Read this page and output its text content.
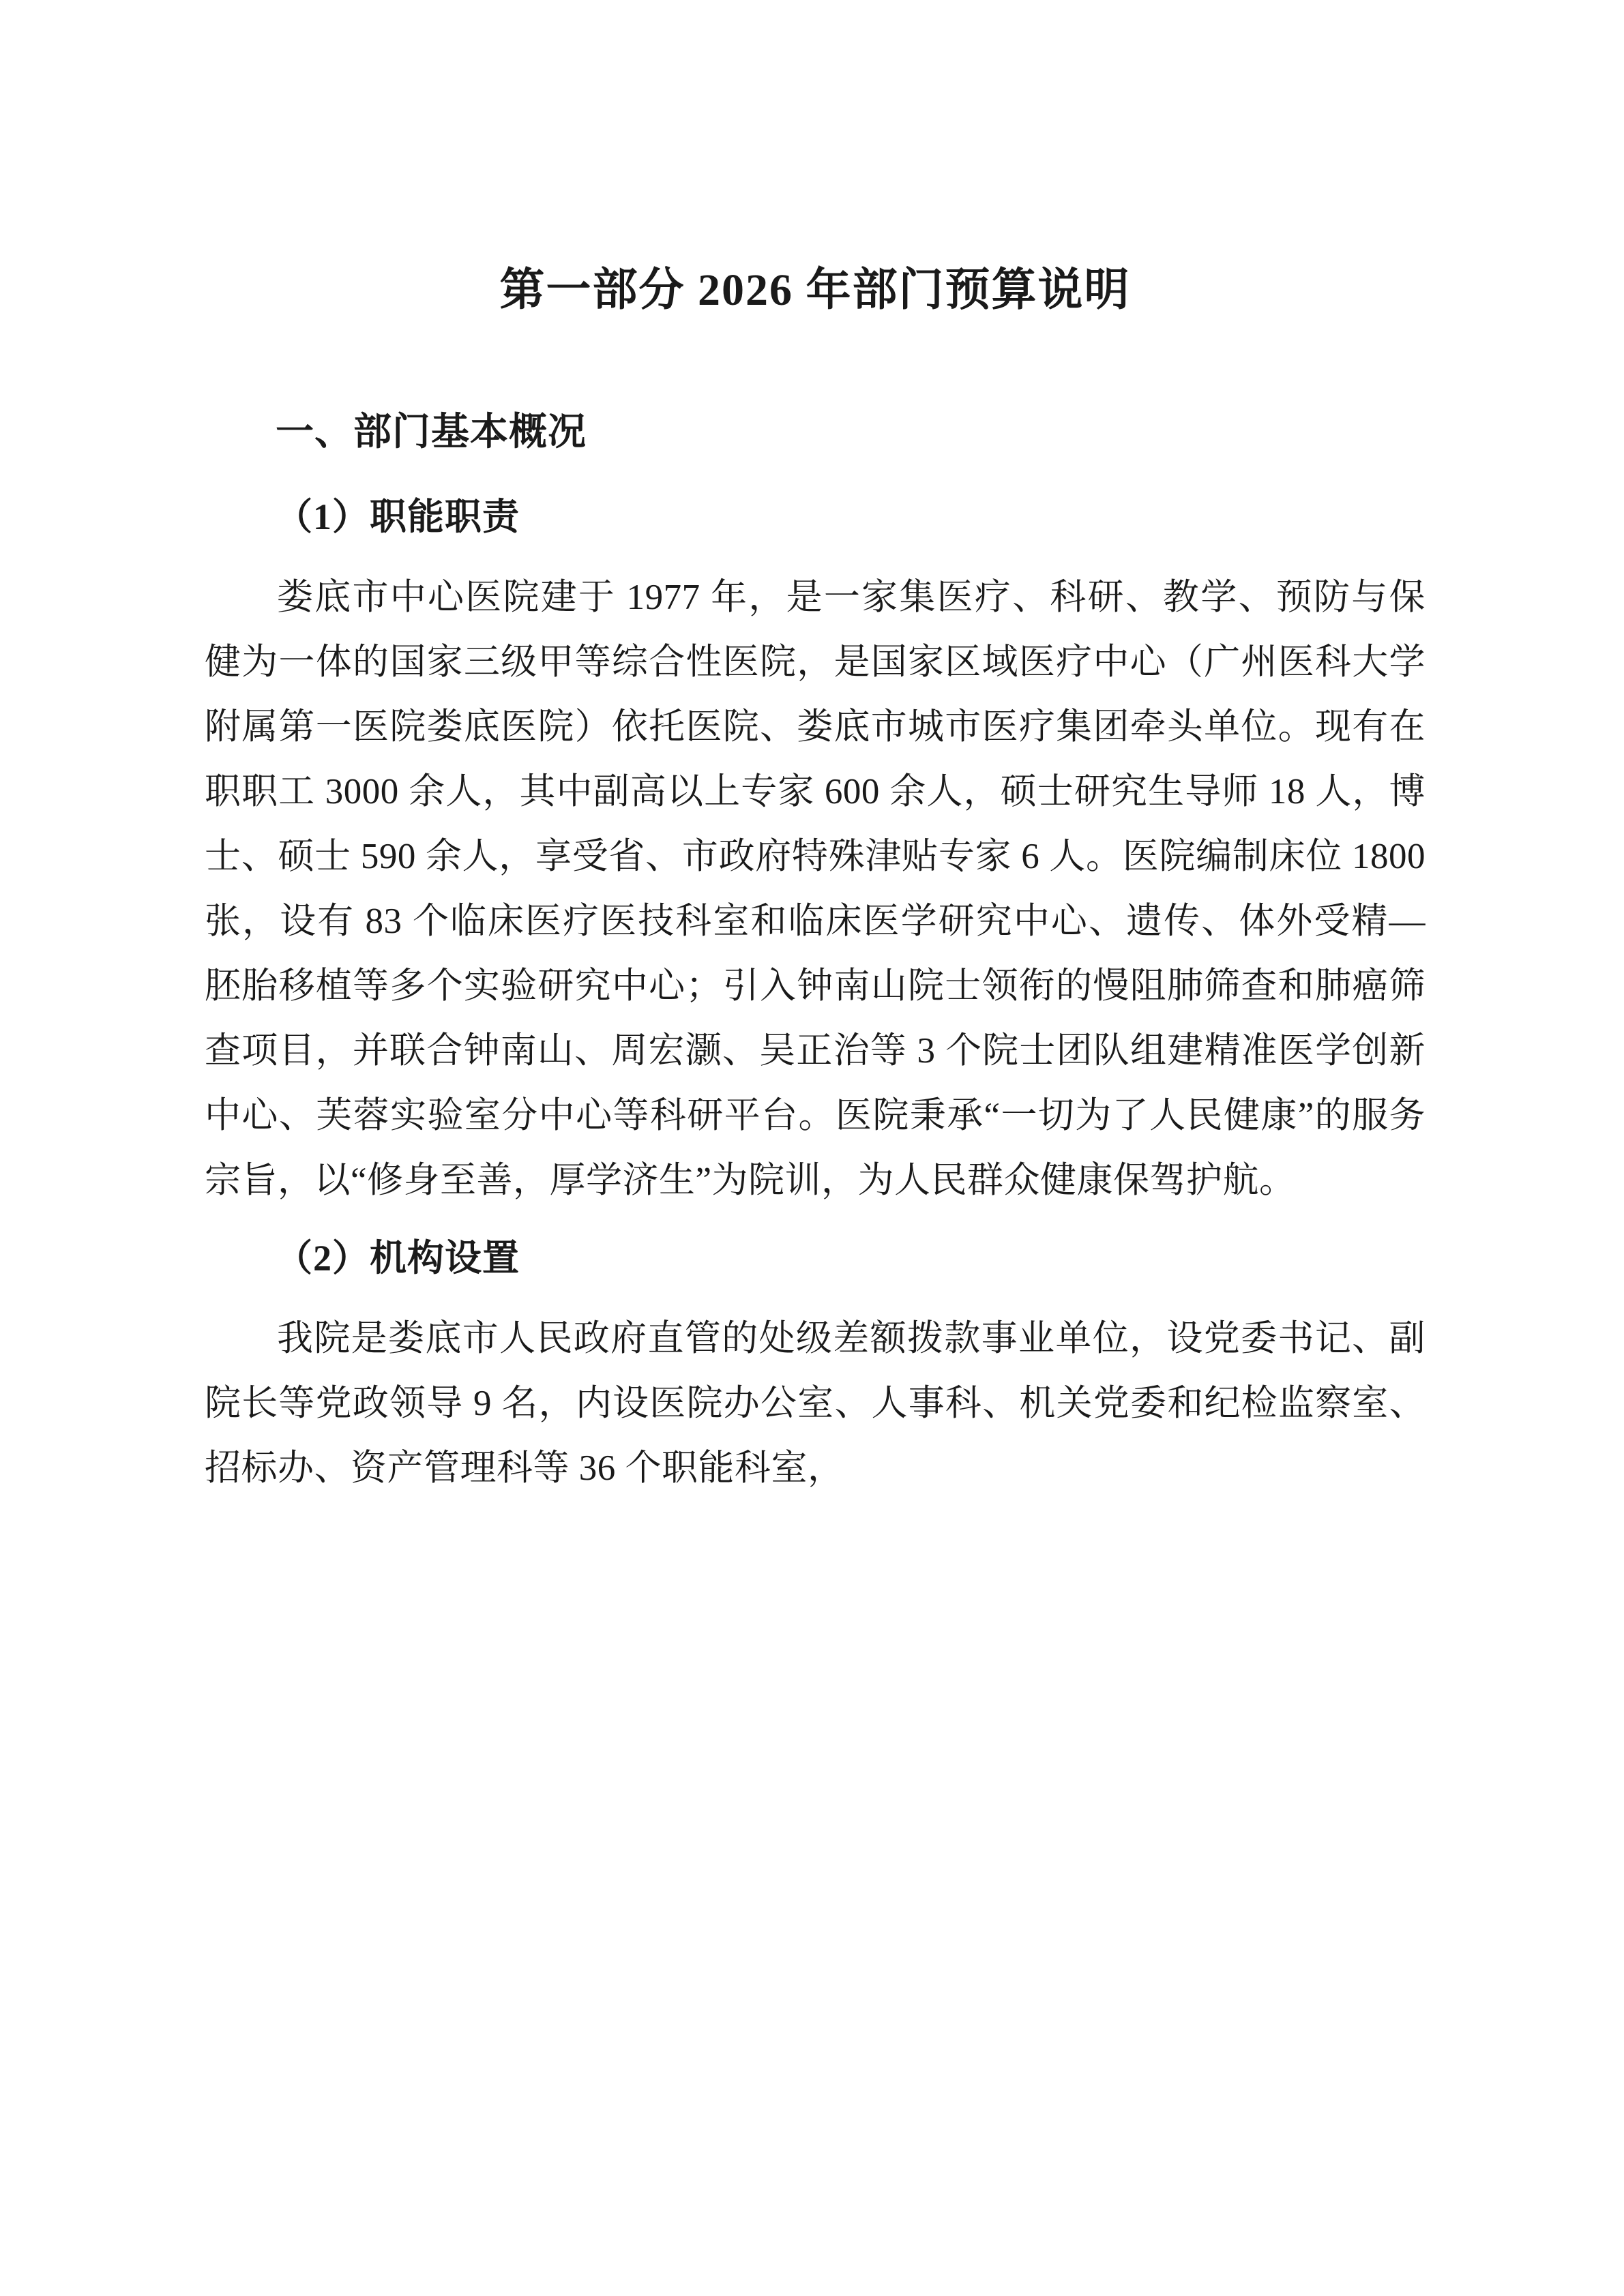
第一部分 2026 年部门预算说明
一、部门基本概况
（1）职能职责

娄底市中心医院建于 1977 年，是一家集医疗、科研、教学、预防与保健为一体的国家三级甲等综合性医院，是国家区域医疗中心（广州医科大学附属第一医院娄底医院）依托医院、娄底市城市医疗集团牵头单位。现有在职职工 3000 余人，其中副高以上专家 600 余人，硕士研究生导师 18 人，博士、硕士 590 余人，享受省、市政府特殊津贴专家 6 人。医院编制床位 1800 张，设有 83 个临床医疗医技科室和临床医学研究中心、遗传、体外受精—胚胎移植等多个实验研究中心；引入钟南山院士领衔的慢阻肺筛查和肺癌筛查项目，并联合钟南山、周宏灏、吴正治等 3 个院士团队组建精准医学创新中心、芙蓉实验室分中心等科研平台。医院秉承“一切为了人民健康”的服务宗旨，以“修身至善，厚学济生”为院训，为人民群众健康保驾护航。

（2）机构设置

我院是娄底市人民政府直管的处级差额拨款事业单位，设党委书记、副院长等党政领导 9 名，内设医院办公室、人事科、机关党委和纪检监察室、招标办、资产管理科等 36 个职能科室，
